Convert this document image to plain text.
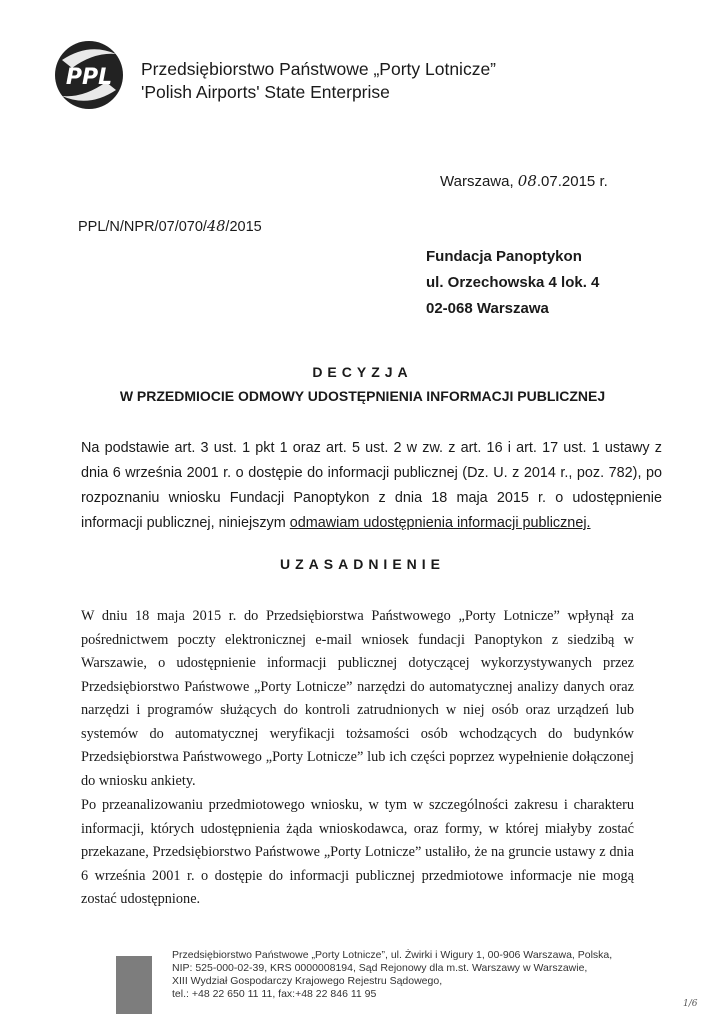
PPL Przedsiębiorstwo Państwowe „Porty Lotnicze”
'Polish Airports' State Enterprise
Warszawa, 08.07.2015 r.
PPL/N/NPR/07/070/48/2015
Fundacja Panoptykon
ul. Orzechowska 4 lok. 4
02-068 Warszawa
DECYZJA
W PRZEDMIOCIE ODMOWY UDOSTĘPNIENIA INFORMACJI PUBLICZNEJ
Na podstawie art. 3 ust. 1 pkt 1 oraz art. 5 ust. 2 w zw. z art. 16 i art. 17 ust. 1 ustawy z dnia 6 września 2001 r. o dostępie do informacji publicznej (Dz. U. z 2014 r., poz. 782), po rozpoznaniu wniosku Fundacji Panoptykon z dnia 18 maja 2015 r. o udostępnienie informacji publicznej, niniejszym odmawiam udostępnienia informacji publicznej.
UZASADNIENIE
W dniu 18 maja 2015 r. do Przedsiębiorstwa Państwowego „Porty Lotnicze” wpłynął za pośrednictwem poczty elektronicznej e-mail wniosek fundacji Panoptykon z siedzibą w Warszawie, o udostępnienie informacji publicznej dotyczącej wykorzystywanych przez Przedsiębiorstwo Państwowe „Porty Lotnicze” narzędzi do automatycznej analizy danych oraz narzędzi i programów służących do kontroli zatrudnionych w niej osób oraz urządzeń lub systemów do automatycznej weryfikacji tożsamości osób wchodzących do budynków Przedsiębiorstwa Państwowego „Porty Lotnicze” lub ich części poprzez wypełnienie dołączonej do wniosku ankiety.
Po przeanalizowaniu przedmiotowego wniosku, w tym w szczególności zakresu i charakteru informacji, których udostępnienia żąda wnioskodawca, oraz formy, w której miałyby zostać przekazane, Przedsiębiorstwo Państwowe „Porty Lotnicze” ustaliło, że na gruncie ustawy z dnia 6 września 2001 r. o dostępie do informacji publicznej przedmiotowe informacje nie mogą zostać udostępnione.
Przedsiębiorstwo Państwowe „Porty Lotnicze”, ul. Żwirki i Wigury 1, 00-906 Warszawa, Polska,
NIP: 525-000-02-39, KRS 0000008194, Sąd Rejonowy dla m.st. Warszawy w Warszawie,
XIII Wydział Gospodarczy Krajowego Rejestru Sądowego,
tel.: +48 22 650 11 11, fax:+48 22 846 11 95
1/6
